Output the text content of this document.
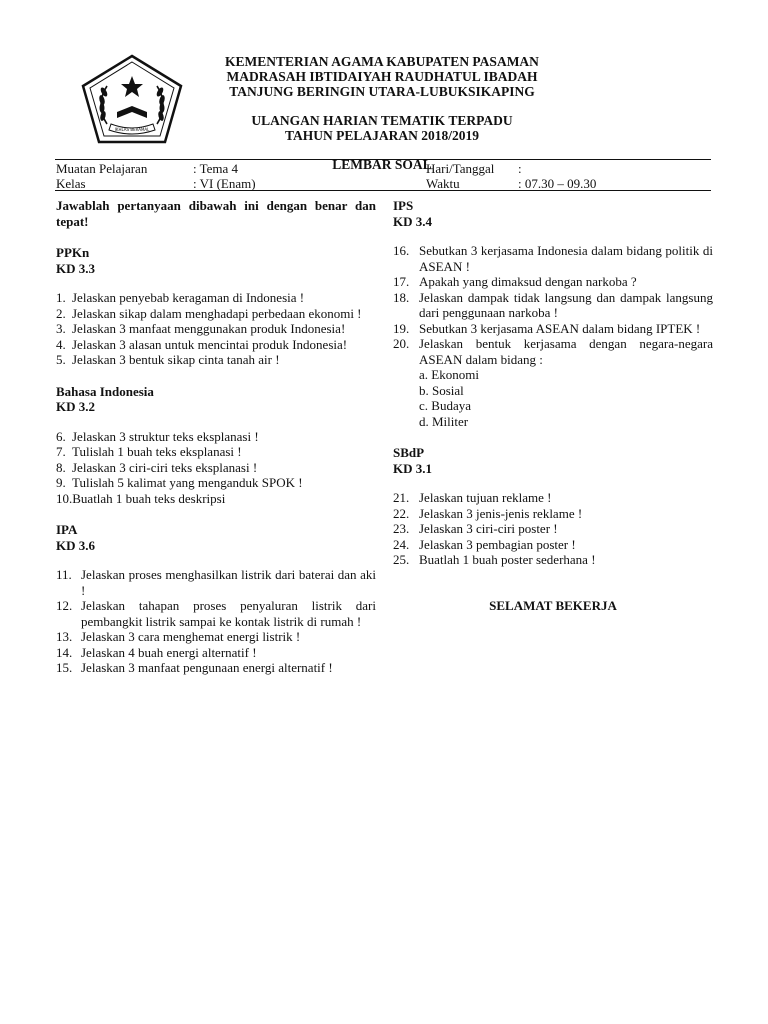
IKHLAS BERAMAL
KEMENTERIAN AGAMA KABUPATEN PASAMAN
MADRASAH IBTIDAIYAH RAUDHATUL IBADAH
TANJUNG BERINGIN UTARA-LUBUKSIKAPING
ULANGAN HARIAN TEMATIK TERPADU
TAHUN PELAJARAN 2018/2019
LEMBAR SOAL
Muatan Pelajaran	: Tema 4	Hari/Tanggal :
Kelas	: VI (Enam)	Waktu	: 07.30 – 09.30
Jawablah pertanyaan dibawah ini dengan benar dan tepat!
PPKn
KD 3.3
1. Jelaskan penyebab keragaman di Indonesia !
2. Jelaskan sikap dalam menghadapi perbedaan ekonomi !
3. Jelaskan 3 manfaat menggunakan produk Indonesia!
4. Jelaskan 3 alasan untuk mencintai produk Indonesia!
5. Jelaskan 3 bentuk sikap cinta tanah air !
Bahasa Indonesia
KD 3.2
6. Jelaskan 3 struktur teks eksplanasi !
7. Tulislah 1 buah teks eksplanasi !
8. Jelaskan 3 ciri-ciri teks eksplanasi !
9. Tulislah 5 kalimat yang menganduk SPOK !
10. Buatlah 1 buah teks deskripsi
IPA
KD 3.6
11. Jelaskan proses menghasilkan listrik dari baterai dan aki !
12. Jelaskan tahapan proses penyaluran listrik dari pembangkit listrik sampai ke kontak listrik di rumah !
13. Jelaskan 3 cara menghemat energi listrik !
14. Jelaskan 4 buah energi alternatif !
15. Jelaskan 3 manfaat pengunaan energi alternatif !
IPS
KD 3.4
16. Sebutkan 3 kerjasama Indonesia dalam bidang politik di ASEAN !
17. Apakah yang dimaksud dengan narkoba ?
18. Jelaskan dampak tidak langsung dan dampak langsung dari penggunaan narkoba !
19. Sebutkan 3 kerjasama ASEAN dalam bidang IPTEK !
20. Jelaskan bentuk kerjasama dengan negara-negara ASEAN dalam bidang :
a. Ekonomi
b. Sosial
c. Budaya
d. Militer
SBdP
KD 3.1
21. Jelaskan tujuan reklame !
22. Jelaskan 3 jenis-jenis reklame !
23. Jelaskan 3 ciri-ciri poster !
24. Jelaskan 3 pembagian poster !
25. Buatlah 1 buah poster sederhana !
SELAMAT BEKERJA
